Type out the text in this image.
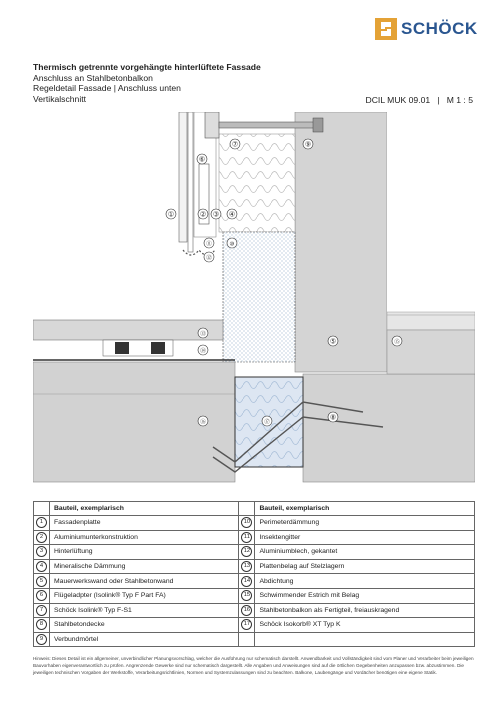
SCHÖCK
Thermisch getrennte vorgehängte hinterlüftete Fassade
Anschluss an Stahlbetonbalkon
Regeldetail Fassade | Anschluss unten
Vertikalschnitt	DCIL MUK 09.01   |   M 1 : 5
①	② ③ ④
⑤
⑥
⑦
⑧
⑨
⑩
⑪
⑫
⑬
⑭
⑮
⑯	⑰
	Bauteil, exemplarisch		Bauteil, exemplarisch
1	Fassadenplatte	10	Perimeterdämmung
2	Aluminiumunterkonstruktion	11	Insektengitter
3	Hinterlüftung	12	Aluminiumblech, gekantet
4	Mineralische Dämmung	13	Plattenbelag auf Stelzlagern
5	Mauerwerkswand oder Stahlbetonwand	14	Abdichtung
6	Flügeladpter (Isolink® Typ F Part FA)	15	Schwimmender Estrich mit Belag
7	Schöck Isolink® Typ F-S1	16	Stahlbetonbalkon als Fertigteil, freiauskragend
8	Stahlbetondecke	17	Schöck Isokorb® XT Typ K
9	Verbundmörtel		
Hinweis: Dieses Detail ist ein allgemeiner, unverbindlicher Planungsvorschlag, welcher die Ausführung nur schematisch darstellt. Anwendbarkeit und Vollständigkeit sind vom Planer und Verarbeiter beim jeweiligen Bauvorhaben eigenverantwortlich zu prüfen. Angrenzende Gewerke sind nur schematisch dargestellt. Alle Angaben und Anweisungen sind auf die örtlichen Gegebenheiten anzupassen bzw. abzustimmen. Die jeweiligen technischen Vorgaben der Werkstoffe, Verarbeitungsrichtlinien, Normen und Systemzulassungen sind zu beachten. Balkone, Laubengänge und Vordächer benötigen eine eigene Statik.
